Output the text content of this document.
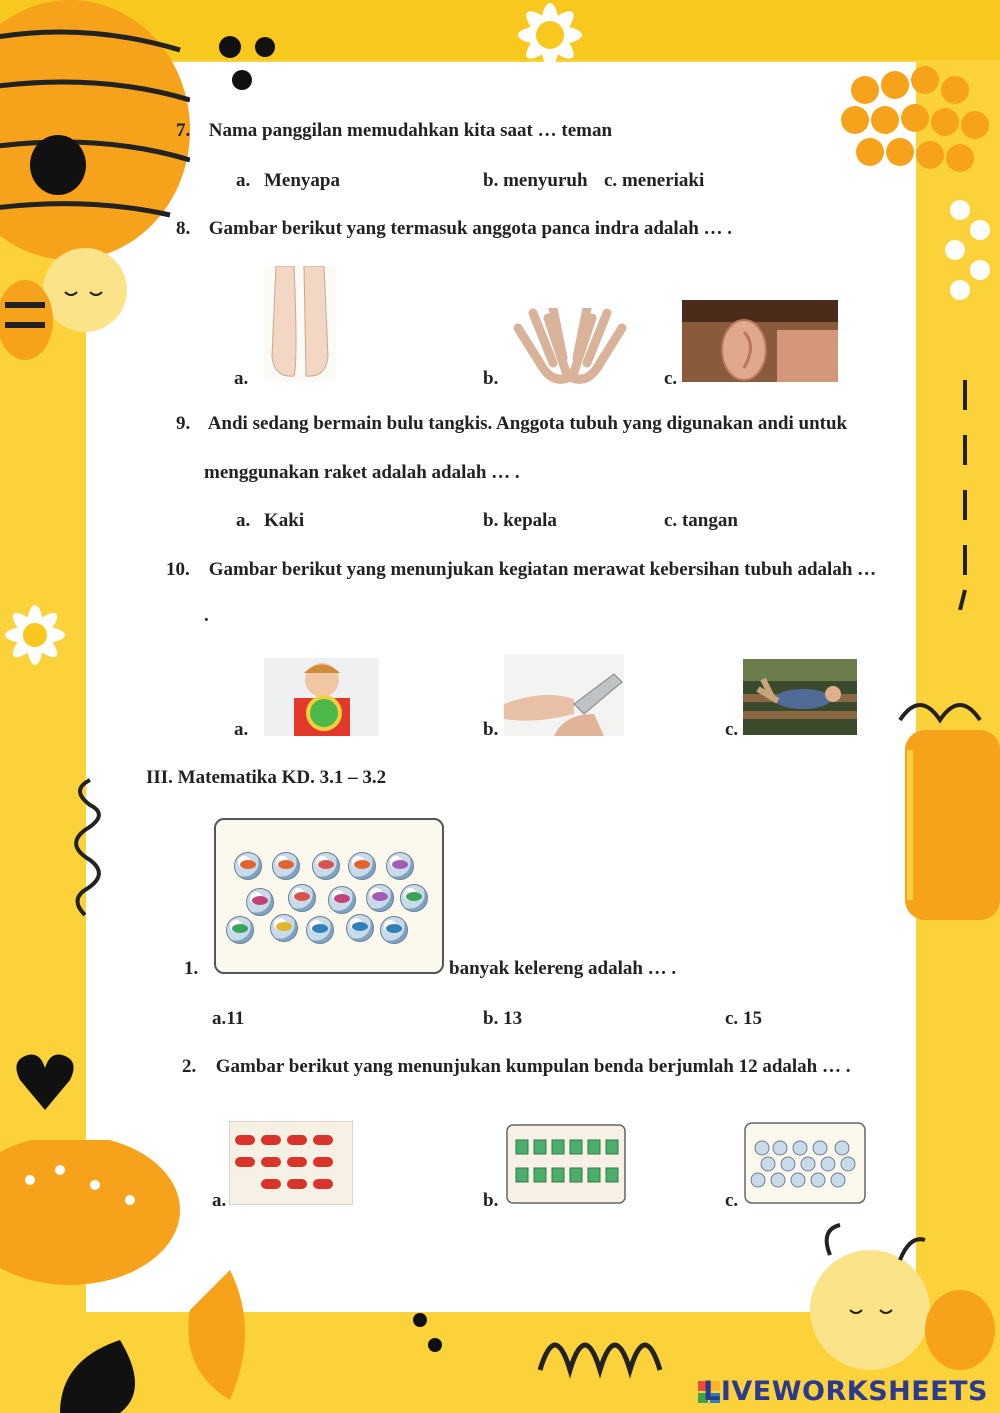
7. Nama panggilan memudahkan kita saat … teman
a. Menyapa	b. menyuruh c. meneriaki
8. Gambar berikut yang termasuk anggota panca indra adalah … .
a.	b.	c.
9. Andi sedang bermain bulu tangkis. Anggota tubuh yang digunakan andi untuk
menggunakan raket adalah adalah … .
a. Kaki	b. kepala	c. tangan
10. Gambar berikut yang menunjukan kegiatan merawat kebersihan tubuh adalah …
.
a.	b.	c.
III. Matematika KD. 3.1 – 3.2
1.	banyak kelereng adalah … .
a.11	b. 13	c. 15
2. Gambar berikut yang menunjukan kumpulan benda berjumlah 12 adalah … .
a.	b.	c.
LIVEWORKSHEETS
